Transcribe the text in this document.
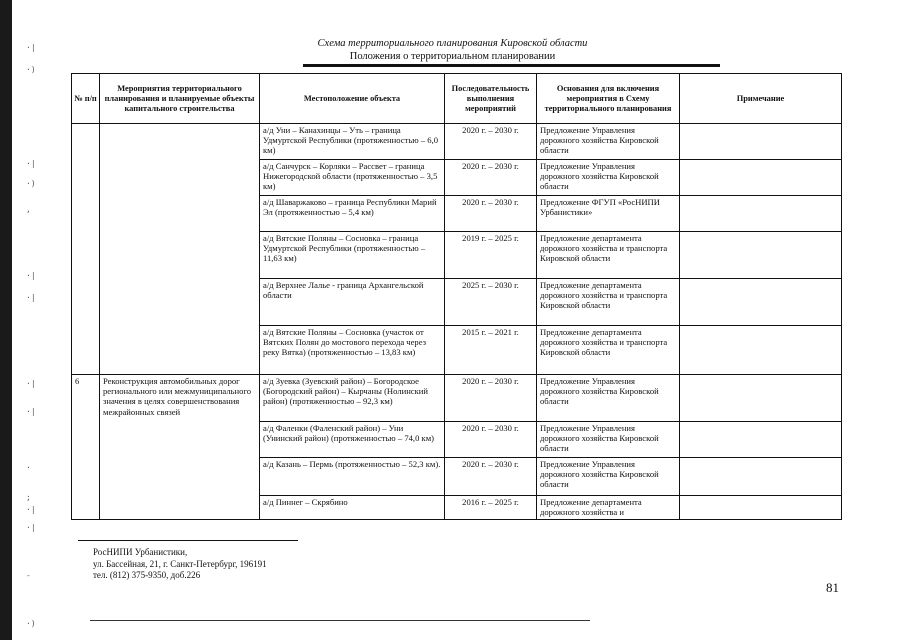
·|
·)
·|
·)
,
·|
·|
·|
·|
·
;
·|
·|
-
·)
Схема территориального планирования Кировской области
Положения о территориальном планировании
№ п/п	Мероприятия территориального планирования и планируемые объекты капитального строительства	Местоположение объекта	Последовательность выполнения мероприятий	Основания для включения мероприятия в Схему территориального планирования	Примечание
		а/д Уни – Канахинцы – Уть – граница Удмуртской Республики (протяженностью – 6,0 км)	2020 г. – 2030 г.	Предложение Управления дорожного хозяйства Кировской области	
		а/д Санчурск – Корляки – Рассвет – граница Нижегородской области (протяженностью – 3,5 км)	2020 г. – 2030 г.	Предложение Управления дорожного хозяйства Кировской области	
		а/д Шаваржаково – граница Республики Марий Эл (протяженностью – 5,4 км)	2020 г. – 2030 г.	Предложение ФГУП «РосНИПИ Урбанистики»	
		а/д Вятские Поляны – Сосновка – граница Удмуртской Республики (протяженностью – 11,63 км)	2019 г. – 2025 г.	Предложение департамента дорожного хозяйства и транспорта Кировской области	
		а/д Верхнее Лалье - граница Архангельской области	2025 г. – 2030 г.	Предложение департамента дорожного хозяйства и транспорта Кировской области	
		а/д Вятские Поляны – Сосновка (участок от Вятских Полян до мостового перехода через реку Вятка) (протяженностью – 13,83 км)	2015 г. – 2021 г.	Предложение департамента дорожного хозяйства и транспорта Кировской области	
6	Реконструкция автомобильных дорог регионального или межмуниципального значения в целях совершенствования межрайонных связей	а/д Зуевка (Зуевский район) – Богородское (Богородский район) – Кырчаны (Нолинский район) (протяженностью – 92,3 км)	2020 г. – 2030 г.	Предложение Управления дорожного хозяйства Кировской области	
		а/д Фаленки (Фаленский район) – Уни (Унинский район) (протяженностью – 74,0 км)	2020 г. – 2030 г.	Предложение Управления дорожного хозяйства Кировской области	
		а/д Казань – Пермь (протяженностью – 52,3 км).	2020 г. – 2030 г.	Предложение Управления дорожного хозяйства Кировской области	
		а/д Пиннег – Скрябино	2016 г. – 2025 г.	Предложение департамента дорожного хозяйства и	
РосНИПИ Урбанистики,
ул. Бассейная, 21, г. Санкт-Петербург, 196191
тел. (812) 375-9350, доб.226
81
